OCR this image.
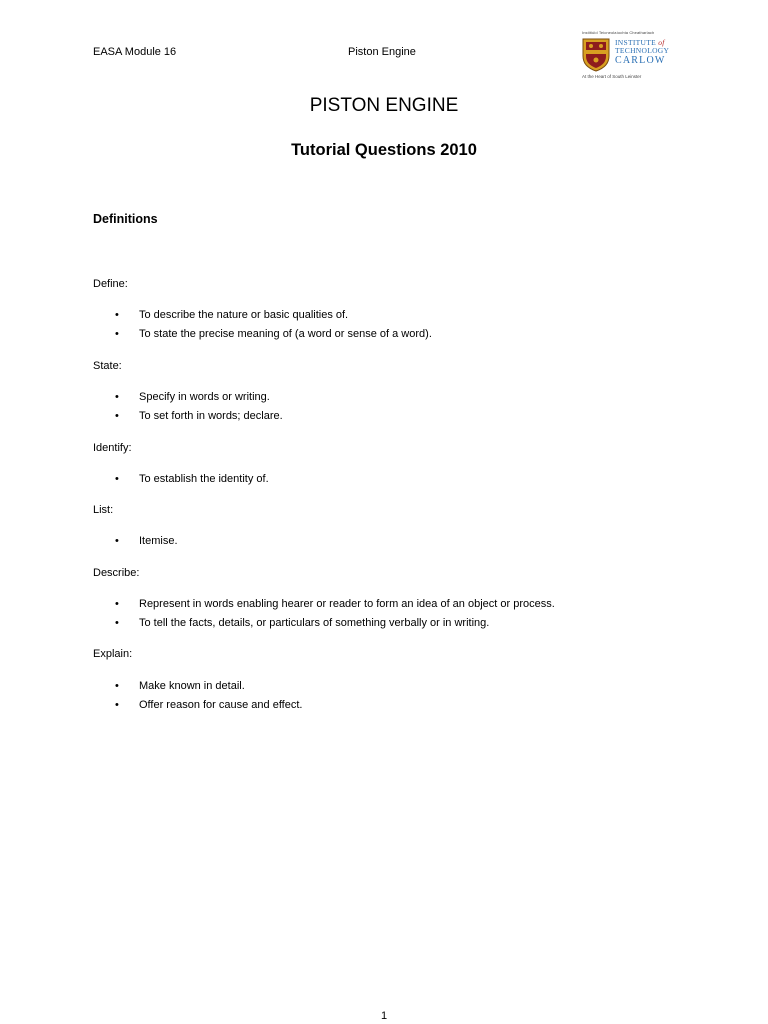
EASA Module 16	Piston Engine
Institiúid Teicneolaíochta Cheatharlach
INSTITUTE of
TECHNOLOGY
CARLOW
At the Heart of South Leinster
PISTON ENGINE
Tutorial Questions 2010
Definitions

Define:

• To describe the nature or basic qualities of.
• To state the precise meaning of (a word or sense of a word).

State:

• Specify in words or writing.
• To set forth in words; declare.

Identify:

• To establish the identity of.

List:

• Itemise.

Describe:

• Represent in words enabling hearer or reader to form an idea of an object or process.
• To tell the facts, details, or particulars of something verbally or in writing.

Explain:

• Make known in detail.
• Offer reason for cause and effect.
1
